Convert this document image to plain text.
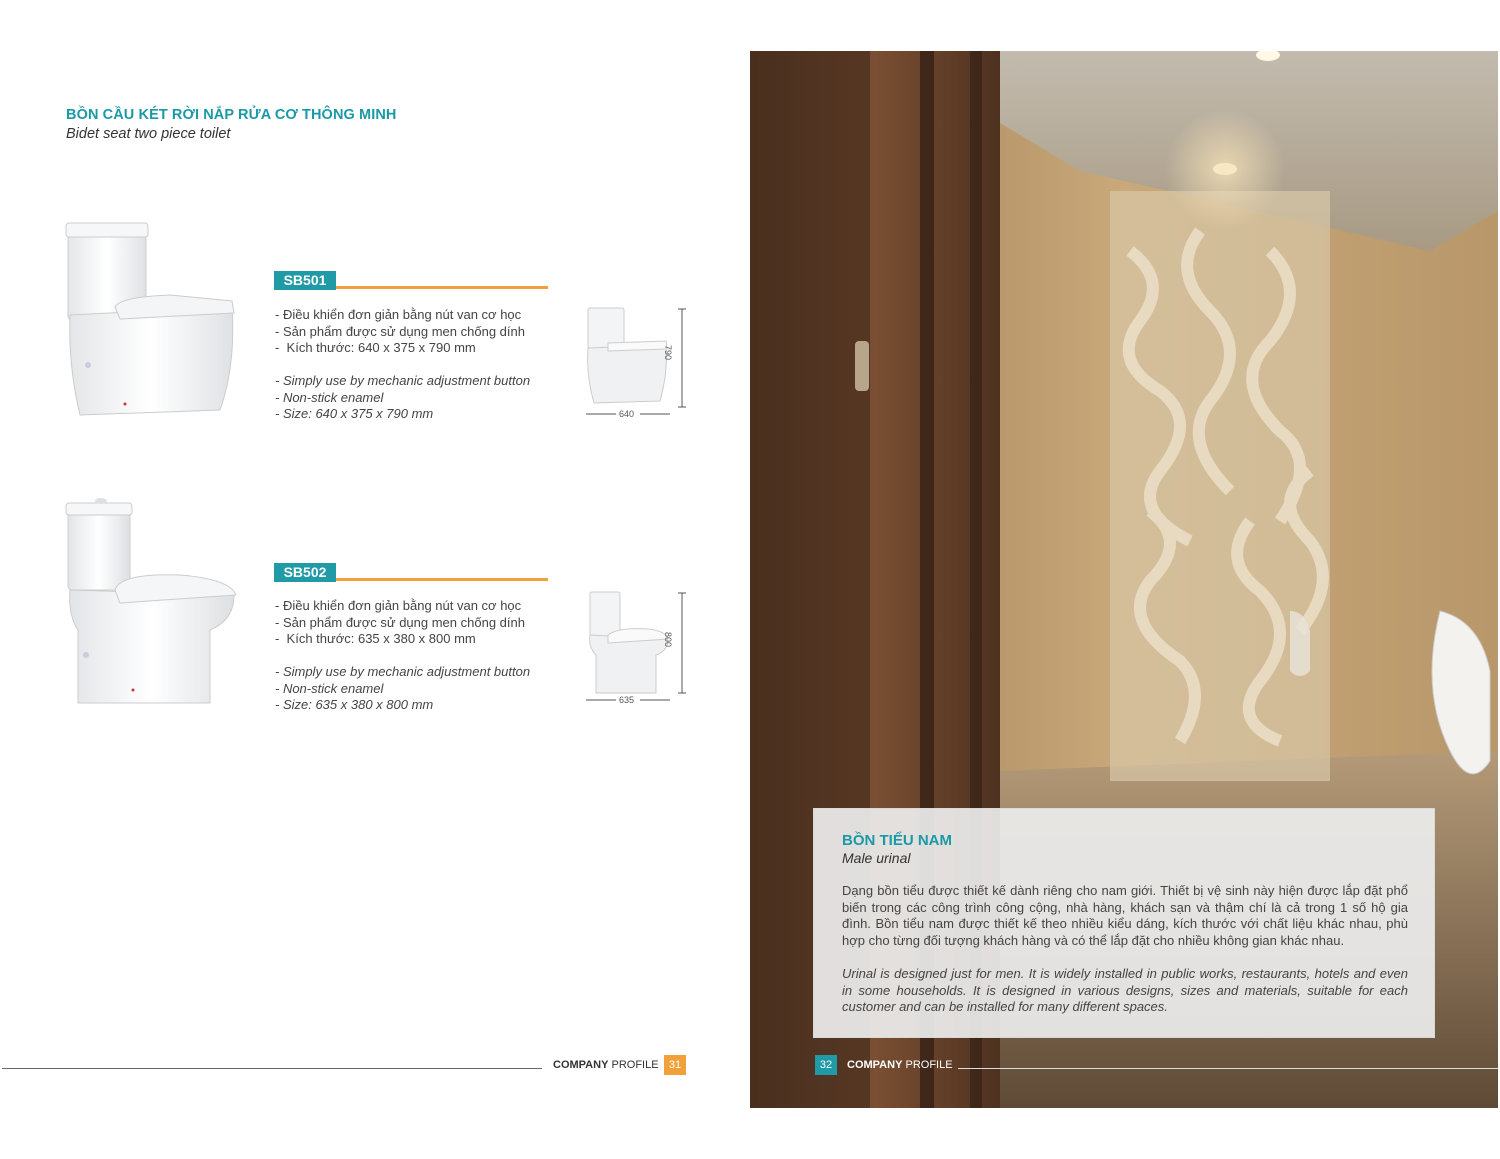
BỒN CẦU KÉT RỜI NẮP RỬA CƠ THÔNG MINH
Bidet seat two piece toilet
SB501
- Điều khiển đơn giản bằng nút van cơ học
- Sản phẩm được sử dụng men chống dính
-  Kích thước: 640 x 375 x 790 mm
- Simply use by mechanic adjustment button
- Non-stick enamel
- Size: 640 x 375 x 790 mm
790
640
SB502
- Điều khiển đơn giản bằng nút van cơ học
- Sản phẩm được sử dụng men chống dính
-  Kích thước: 635 x 380 x 800 mm
- Simply use by mechanic adjustment button
- Non-stick enamel
- Size: 635 x 380 x 800 mm
800
635
COMPANY PROFILE 31
BỒN TIỂU NAM
Male urinal
Dạng bồn tiểu được thiết kế dành riêng cho nam giới. Thiết bị vệ sinh này hiện được lắp đặt phổ biến trong các công trình công cộng, nhà hàng, khách sạn và thậm chí là cả trong 1 số hộ gia đình. Bồn tiểu nam được thiết kế theo nhiều kiểu dáng, kích thước với chất liệu khác nhau, phù hợp cho từng đối tượng khách hàng và có thể lắp đặt cho nhiều không gian khác nhau.
Urinal is designed just for men. It is widely installed in public works, restaurants, hotels and even in some households. It is designed in various designs, sizes and materials, suitable for each customer and can be installed for many different spaces.
32	COMPANY PROFILE
